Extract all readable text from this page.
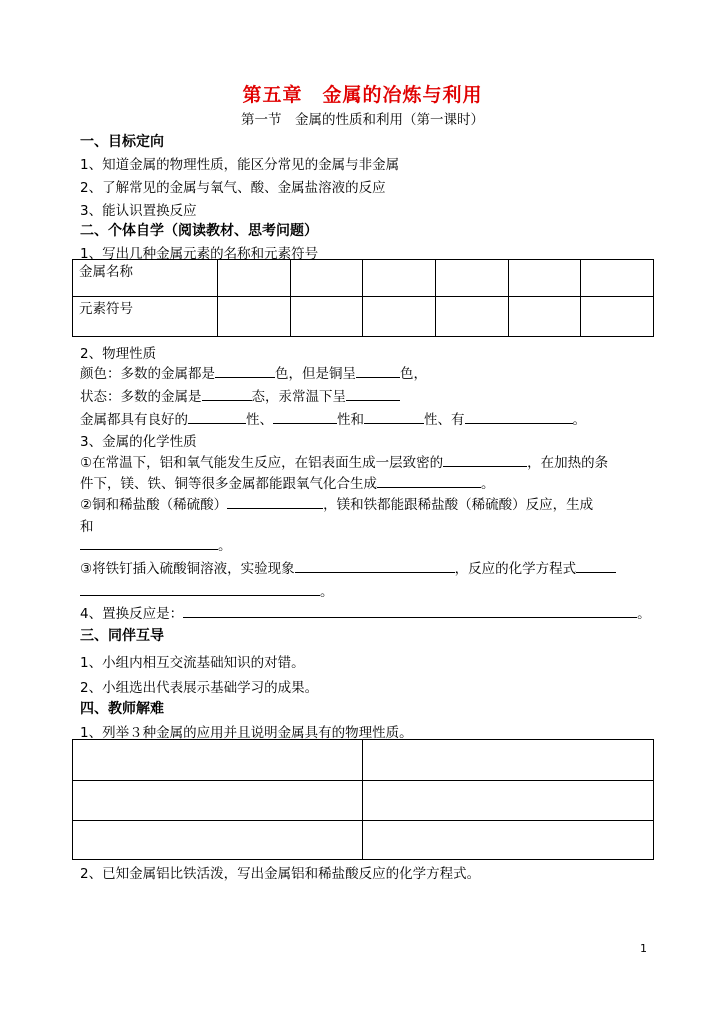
第五章　金属的冶炼与利用
第一节　金属的性质和利用（第一课时）
一、目标定向
1、知道金属的物理性质，能区分常见的金属与非金属
2、了解常见的金属与氧气、酸、金属盐溶液的反应
3、能认识置换反应
二、个体自学（阅读教材、思考问题）
1、写出几种金属元素的名称和元素符号
金属名称						
元素符号						
2、物理性质
颜色：多数的金属都是	色，但是铜呈	色，
状态：多数的金属是	态，汞常温下呈
金属都具有良好的	性、	性和	性、有	。
3、金属的化学性质
①在常温下，铝和氧气能发生反应，在铝表面生成一层致密的	，在加热的条
件下，镁、铁、铜等很多金属都能跟氧气化合生成	。
②铜和稀盐酸（稀硫酸）	，镁和铁都能跟稀盐酸（稀硫酸）反应，生成
和
。
③将铁钉插入硫酸铜溶液，实验现象	，反应的化学方程式
。
4、置换反应是：	。
三、同伴互导
1、小组内相互交流基础知识的对错。
2、小组选出代表展示基础学习的成果。
四、教师解难
1、列举３种金属的应用并且说明金属具有的物理性质。

2、已知金属铝比铁活泼，写出金属铝和稀盐酸反应的化学方程式。
1
